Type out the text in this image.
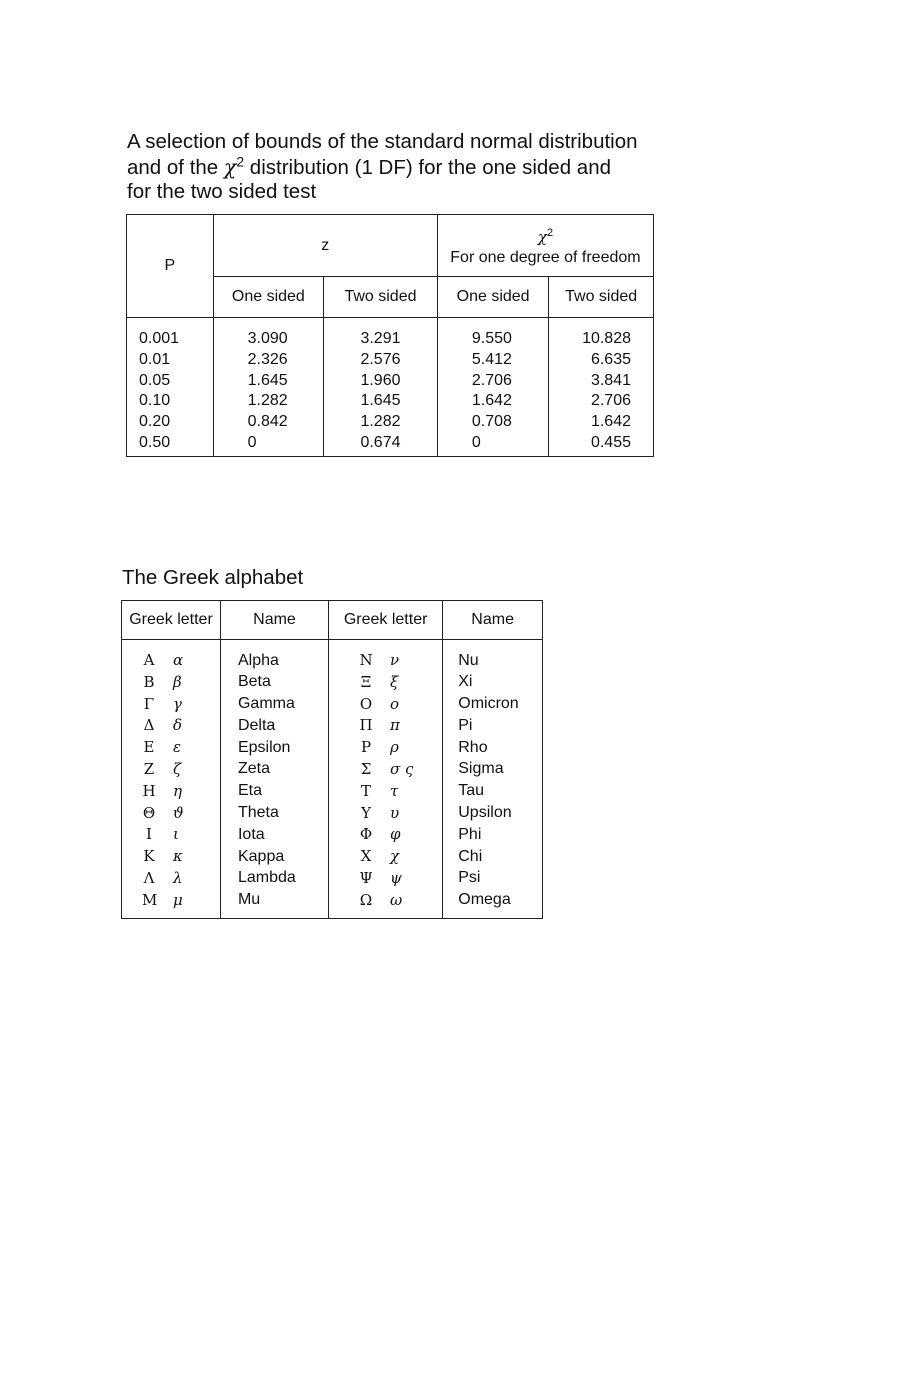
A selection of bounds of the standard normal distribution
and of the $\chi^2$ distribution (1 DF) for the one sided and
for the two sided test
P	z		$\chi^2$
For one degree of freedom	
	One sided	Two sided	One sided	Two sided
0.001	3.090	3.291	9.550	10.828
0.01	2.326	2.576	5.412	6.635
0.05	1.645	1.960	2.706	3.841
0.10	1.282	1.645	1.642	2.706
0.20	0.842	1.282	0.708	1.642
0.50	0	0.674	0	0.455
The Greek alphabet
Greek letter	Name	Greek letter	Name
A α	Alpha	N ν	Nu
B β	Beta	Ξ ξ	Xi
Γ γ	Gamma	O o	Omicron
Δ δ	Delta	Π π	Pi
E ε	Epsilon	P ρ	Rho
Z ζ	Zeta	Σ σ ς	Sigma
H η	Eta	T τ	Tau
Θ ϑ	Theta	Y υ	Upsilon
I ι	Iota	Φ φ	Phi
K κ	Kappa	X χ	Chi
Λ λ	Lambda	Ψ ψ	Psi
M μ	Mu	Ω ω	Omega
